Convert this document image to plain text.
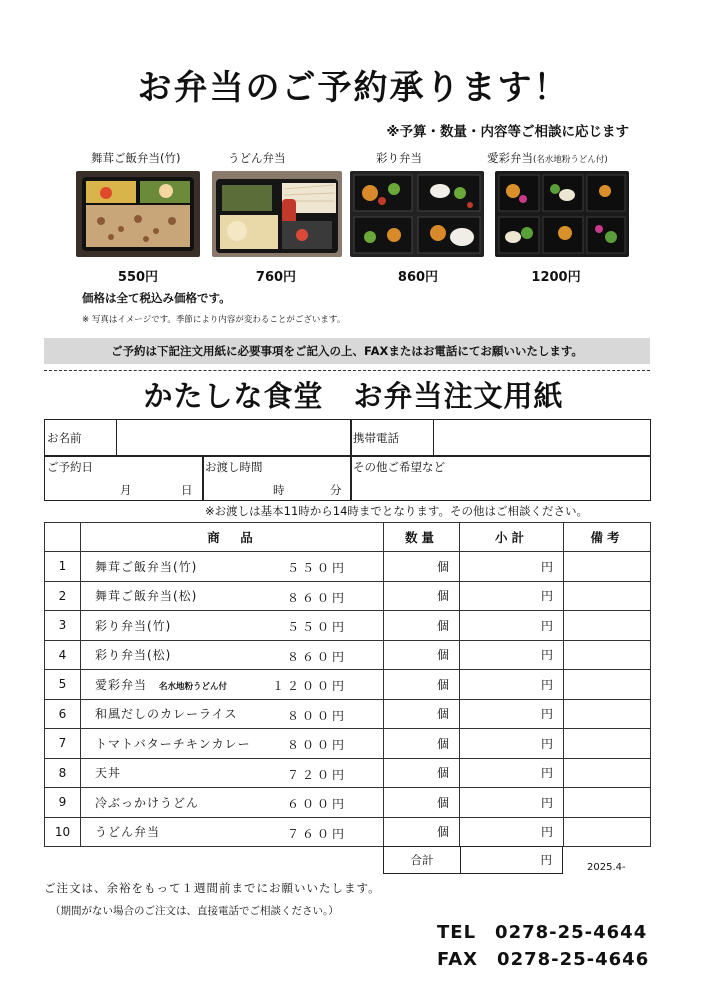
お弁当のご予約承ります！
※予算・数量・内容等ご相談に応じます
舞茸ご飯弁当(竹)	うどん弁当	彩り弁当	愛彩弁当(名水地粉うどん付)
550円	760円	860円	1200円
価格は全て税込み価格です。
※ 写真はイメージです。季節により内容が変わることがございます。
ご予約は下記注文用紙に必要事項をご記入の上、FAXまたはお電話にてお願いいたします。
かたしな食堂　お弁当注文用紙
お名前	携帯電話
ご予約日
月	日
お渡し時間
時	分
その他ご希望など
※お渡しは基本11時から14時までとなります。その他はご相談ください。
	商　品	数量	小計	備考
1	舞茸ご飯弁当(竹) ５５０円	個	円	
2	舞茸ご飯弁当(松) ８６０円	個	円	
3	彩り弁当(竹) ５５０円	個	円	
4	彩り弁当(松) ８６０円	個	円	
5	愛彩弁当 名水地粉うどん付 １２００円	個	円	
6	和風だしのカレーライス ８００円	個	円	
7	トマトバターチキンカレー ８００円	個	円	
8	天丼 ７２０円	個	円	
9	冷ぶっかけうどん ６００円	個	円	
10	うどん弁当 ７６０円	個	円	
合計	円
2025.4-
ご注文は、余裕をもって１週間前までにお願いいたします。
（期間がない場合のご注文は、直接電話でご相談ください。）
TEL　0278-25-4644
FAX　0278-25-4646
